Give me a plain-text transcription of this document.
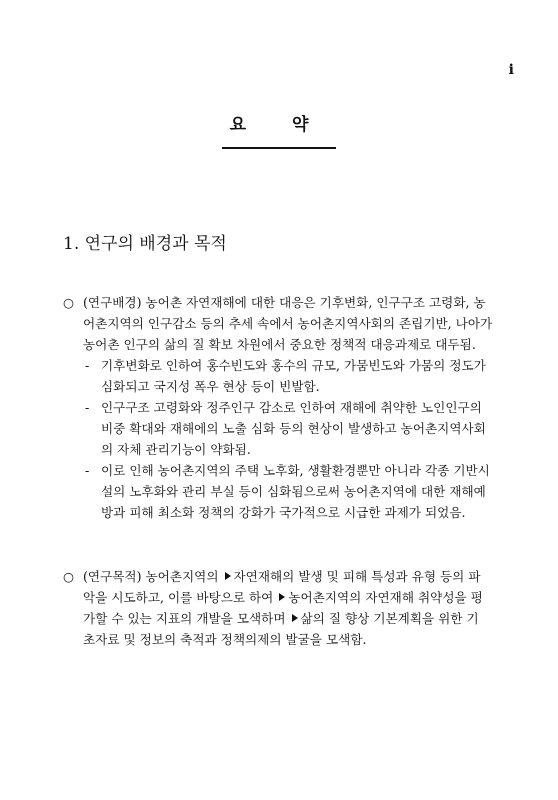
i
요 약
1. 연구의 배경과 목적
○ (연구배경) 농어촌 자연재해에 대한 대응은 기후변화, 인구구조 고령화, 농
어촌지역의 인구감소 등의 추세 속에서 농어촌지역사회의 존립기반, 나아가
농어촌 인구의 삶의 질 확보 차원에서 중요한 정책적 대응과제로 대두됨.
- 기후변화로 인하여 홍수빈도와 홍수의 규모, 가뭄빈도와 가뭄의 정도가
심화되고 국지성 폭우 현상 등이 빈발함.
- 인구구조 고령화와 정주인구 감소로 인하여 재해에 취약한 노인인구의
비중 확대와 재해에의 노출 심화 등의 현상이 발생하고 농어촌지역사회
의 자체 관리기능이 약화됨.
- 이로 인해 농어촌지역의 주택 노후화, 생활환경뿐만 아니라 각종 기반시
설의 노후화와 관리 부실 등이 심화됨으로써 농어촌지역에 대한 재해예
방과 피해 최소화 정책의 강화가 국가적으로 시급한 과제가 되었음.
○ (연구목적) 농어촌지역의 자연재해의 발생 및 피해 특성과 유형 등의 파
악을 시도하고, 이를 바탕으로 하여 농어촌지역의 자연재해 취약성을 평
가할 수 있는 지표의 개발을 모색하며 삶의 질 향상 기본계획을 위한 기
초자료 및 정보의 축적과 정책의제의 발굴을 모색함.
